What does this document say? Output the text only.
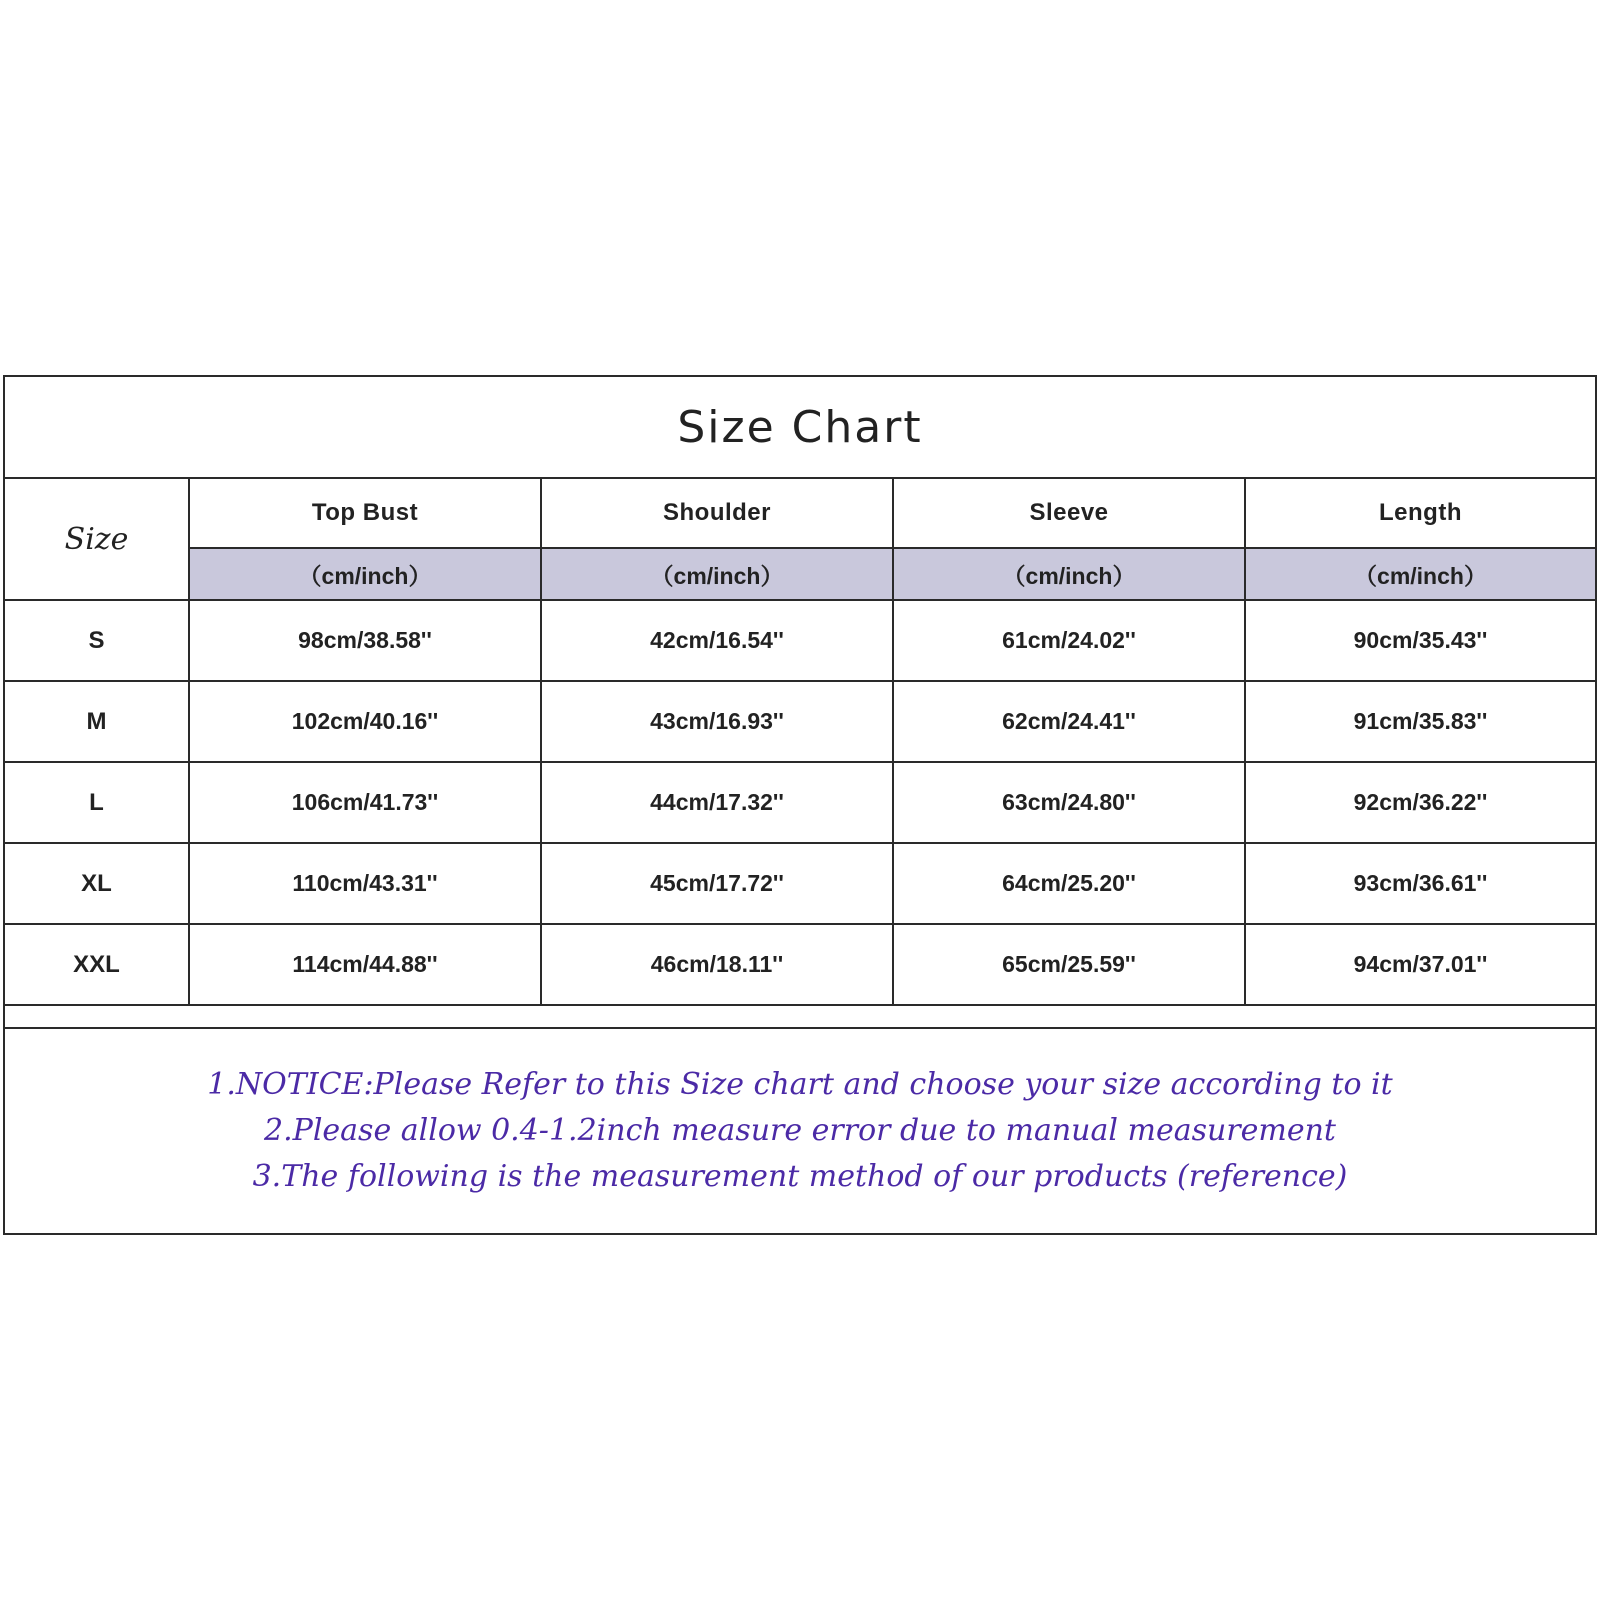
Size Chart
Size	Top Bust	Shoulder	Sleeve	Length
	（cm/inch）	（cm/inch）	（cm/inch）	（cm/inch）
S	98cm/38.58''	42cm/16.54''	61cm/24.02''	90cm/35.43''
M	102cm/40.16''	43cm/16.93''	62cm/24.41''	91cm/35.83''
L	106cm/41.73''	44cm/17.32''	63cm/24.80''	92cm/36.22''
XL	110cm/43.31''	45cm/17.72''	64cm/25.20''	93cm/36.61''
XXL	114cm/44.88''	46cm/18.11''	65cm/25.59''	94cm/37.01''
1.NOTICE:Please Refer to this Size chart and choose your size according to it
2.Please allow 0.4-1.2inch measure error due to manual measurement
3.The following is the measurement method of our products (reference)
